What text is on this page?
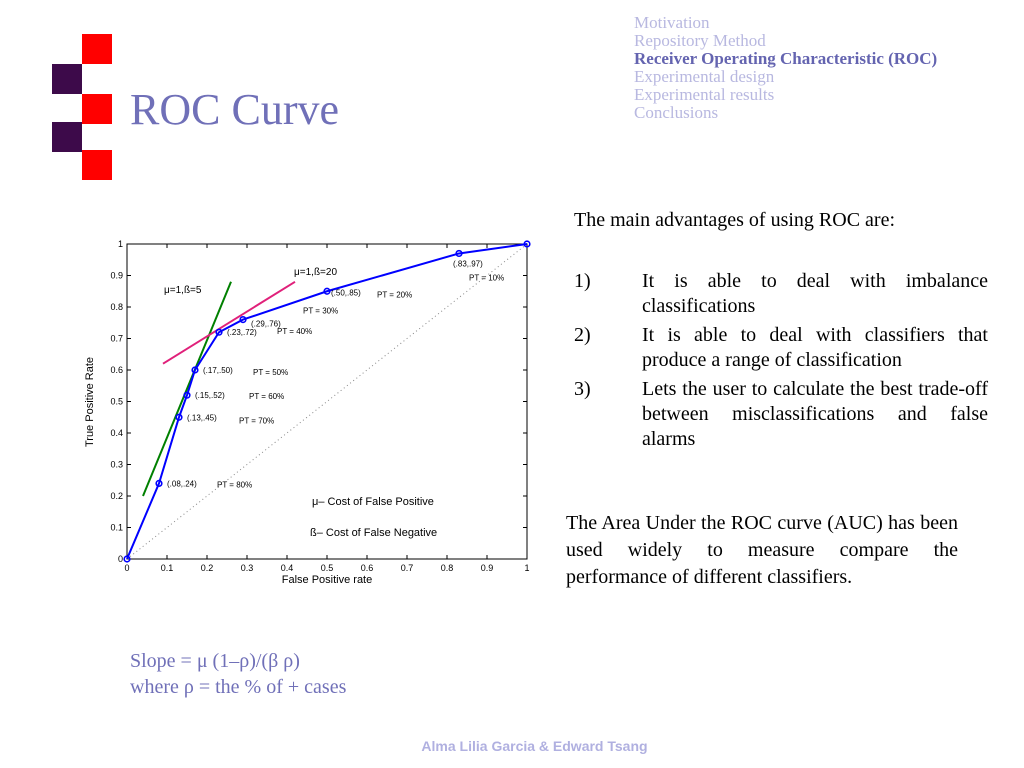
ROC Curve
Motivation
Repository Method
Receiver Operating Characteristic (ROC)
Experimental design
Experimental results
Conclusions
0	0.1	0.2	0.3	0.4	0.5	0.6	0.7	0.8	0.9	1
0
0.1
0.2
0.3
0.4
0.5
0.6
0.7
0.8
0.9
1
(.08,.24)	PT = 80%
(.13,.45)	PT = 70%
(.15,.52)	PT = 60%
(.17,.50)	PT = 50%
(.23,.72)	PT = 40%
(.29,.76)
PT = 30%
(.50,.85) PT = 20%
(.83,.97)
PT = 10%
μ=1,ß=5
μ=1,ß=20
μ– Cost of False Positive
ß– Cost of False Negative
False Positive rate
True Positive Rate
The main advantages of using ROC are:
1)	It is able to deal with imbalance classifications
2)	It is able to deal with classifiers that produce a range of classification
3)	Lets the user to calculate the best trade-off between misclassifications and false alarms
The Area Under the ROC curve (AUC) has been used widely to measure compare the performance of different classifiers.
Slope = μ (1–ρ)/(β ρ)
where ρ = the % of + cases
Alma Lilia Garcia & Edward Tsang
